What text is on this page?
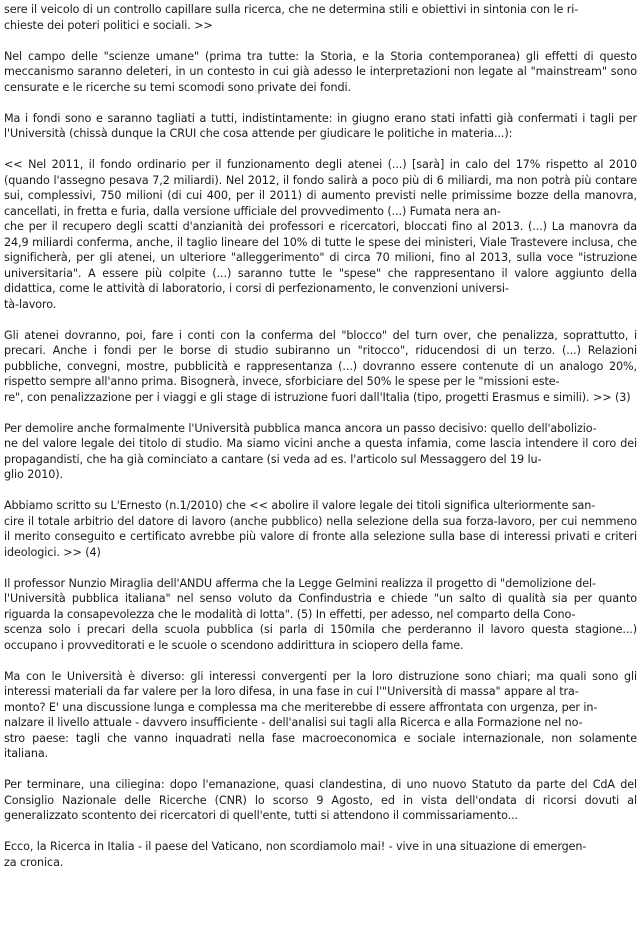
sere il veicolo di un controllo capillare sulla ricerca, che ne determina stili e obiettivi in sintonia con le ri-
chieste dei poteri politici e sociali. >>

Nel campo delle "scienze umane" (prima tra tutte: la Storia, e la Storia contemporanea) gli effetti di questo meccanismo saranno deleteri, in un contesto in cui già adesso le interpretazioni non legate al "mainstream" sono censurate e le ricerche su temi scomodi sono private dei fondi.

Ma i fondi sono e saranno tagliati a tutti, indistintamente: in giugno erano stati infatti già confermati i tagli per l'Università (chissà dunque la CRUI che cosa attende per giudicare le politiche in materia...):

<< Nel 2011, il fondo ordinario per il funzionamento degli atenei (...) [sarà] in calo del 17% rispetto al 2010 (quando l'assegno pesava 7,2 miliardi). Nel 2012, il fondo salirà a poco più di 6 miliardi, ma non potrà più contare sui, complessivi, 750 milioni (di cui 400, per il 2011) di aumento previsti nelle primissime bozze della manovra, cancellati, in fretta e furia, dalla versione ufficiale del provvedimento (...) Fumata nera an-
che per il recupero degli scatti d'anzianità dei professori e ricercatori, bloccati fino al 2013. (...) La manovra da 24,9 miliardi conferma, anche, il taglio lineare del 10% di tutte le spese dei ministeri, Viale Trastevere inclusa, che significherà, per gli atenei, un ulteriore "alleggerimento" di circa 70 milioni, fino al 2013, sulla voce "istruzione universitaria". A essere più colpite (...) saranno tutte le "spese" che rappresentano il valore aggiunto della didattica, come le attività di laboratorio, i corsi di perfezionamento, le convenzioni universi-
tà-lavoro.

Gli atenei dovranno, poi, fare i conti con la conferma del "blocco" del turn over, che penalizza, soprattutto, i precari. Anche i fondi per le borse di studio subiranno un "ritocco", riducendosi di un terzo. (...) Relazioni pubbliche, convegni, mostre, pubblicità e rappresentanza (...) dovranno essere contenute di un analogo 20%, rispetto sempre all'anno prima. Bisognerà, invece, sforbiciare del 50% le spese per le "missioni este-
re", con penalizzazione per i viaggi e gli stage di istruzione fuori dall'Italia (tipo, progetti Erasmus e simili). >> (3)

Per demolire anche formalmente l'Università pubblica manca ancora un passo decisivo: quello dell'abolizio-
ne del valore legale dei titolo di studio. Ma siamo vicini anche a questa infamia, come lascia intendere il coro dei propagandisti, che ha già cominciato a cantare (si veda ad es. l'articolo sul Messaggero del 19 lu-
glio 2010).

Abbiamo scritto su L'Ernesto (n.1/2010) che << abolire il valore legale dei titoli significa ulteriormente san-
cire il totale arbitrio del datore di lavoro (anche pubblico) nella selezione della sua forza-lavoro, per cui nemmeno il merito conseguito e certificato avrebbe più valore di fronte alla selezione sulla base di interessi privati e criteri ideologici. >> (4)

Il professor Nunzio Miraglia dell'ANDU afferma che la Legge Gelmini realizza il progetto di "demolizione del-
l'Università pubblica italiana" nel senso voluto da Confindustria e chiede "un salto di qualità sia per quanto riguarda la consapevolezza che le modalità di lotta". (5) In effetti, per adesso, nel comparto della Cono-
scenza solo i precari della scuola pubblica (si parla di 150mila che perderanno il lavoro questa stagione...) occupano i provveditorati e le scuole o scendono addirittura in sciopero della fame.

Ma con le Università è diverso: gli interessi convergenti per la loro distruzione sono chiari; ma quali sono gli interessi materiali da far valere per la loro difesa, in una fase in cui l'"Università di massa" appare al tra-
monto? E' una discussione lunga e complessa ma che meriterebbe di essere affrontata con urgenza, per in-
nalzare il livello attuale - davvero insufficiente - dell'analisi sui tagli alla Ricerca e alla Formazione nel no-
stro paese: tagli che vanno inquadrati nella fase macroeconomica e sociale internazionale, non solamente italiana.

Per terminare, una ciliegina: dopo l'emanazione, quasi clandestina, di uno nuovo Statuto da parte del CdA del Consiglio Nazionale delle Ricerche (CNR) lo scorso 9 Agosto, ed in vista dell'ondata di ricorsi dovuti al generalizzato scontento dei ricercatori di quell'ente, tutti si attendono il commissariamento...

Ecco, la Ricerca in Italia - il paese del Vaticano, non scordiamolo mai! - vive in una situazione di emergen-
za cronica.
